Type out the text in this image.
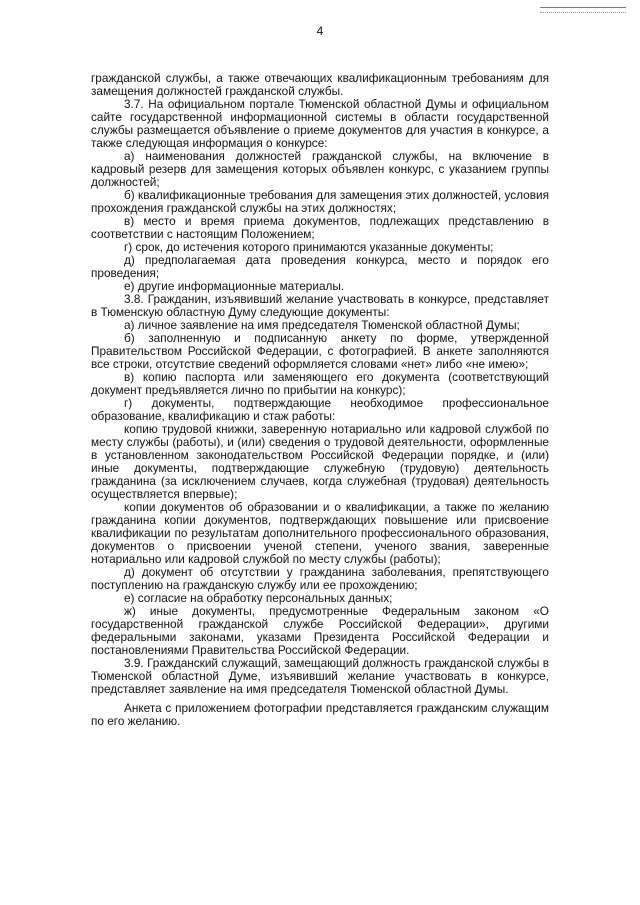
4

гражданской службы, а также отвечающих квалификационным требованиям для замещения должностей гражданской службы.

3.7. На официальном портале Тюменской областной Думы и официальном сайте государственной информационной системы в области государственной службы размещается объявление о приеме документов для участия в конкурсе, а также следующая информация о конкурсе:

а) наименования должностей гражданской службы, на включение в кадровый резерв для замещения которых объявлен конкурс, с указанием группы должностей;

б) квалификационные требования для замещения этих должностей, условия прохождения гражданской службы на этих должностях;

в) место и время приема документов, подлежащих представлению в соответствии с настоящим Положением;

г) срок, до истечения которого принимаются указанные документы;

д) предполагаемая дата проведения конкурса, место и порядок его проведения;

е) другие информационные материалы.

3.8. Гражданин, изъявивший желание участвовать в конкурсе, представляет в Тюменскую областную Думу следующие документы:

а) личное заявление на имя председателя Тюменской областной Думы;

б) заполненную и подписанную анкету по форме, утвержденной Правительством Российской Федерации, с фотографией. В анкете заполняются все строки, отсутствие сведений оформляется словами «нет» либо «не имею»;

в) копию паспорта или заменяющего его документа (соответствующий документ предъявляется лично по прибытии на конкурс);

г) документы, подтверждающие необходимое профессиональное образование, квалификацию и стаж работы:

копию трудовой книжки, заверенную нотариально или кадровой службой по месту службы (работы), и (или) сведения о трудовой деятельности, оформленные в установленном законодательством Российской Федерации порядке, и (или) иные документы, подтверждающие служебную (трудовую) деятельность гражданина (за исключением случаев, когда служебная (трудовая) деятельность осуществляется впервые);

копии документов об образовании и о квалификации, а также по желанию гражданина копии документов, подтверждающих повышение или присвоение квалификации по результатам дополнительного профессионального образования, документов о присвоении ученой степени, ученого звания, заверенные нотариально или кадровой службой по месту службы (работы);

д) документ об отсутствии у гражданина заболевания, препятствующего поступлению на гражданскую службу или ее прохождению;

е) согласие на обработку персональных данных;

ж) иные документы, предусмотренные Федеральным законом «О государственной гражданской службе Российской Федерации», другими федеральными законами, указами Президента Российской Федерации и постановлениями Правительства Российской Федерации.

3.9. Гражданский служащий, замещающий должность гражданской службы в Тюменской областной Думе, изъявивший желание участвовать в конкурсе, представляет заявление на имя председателя Тюменской областной Думы.

Анкета с приложением фотографии представляется гражданским служащим по его желанию.
